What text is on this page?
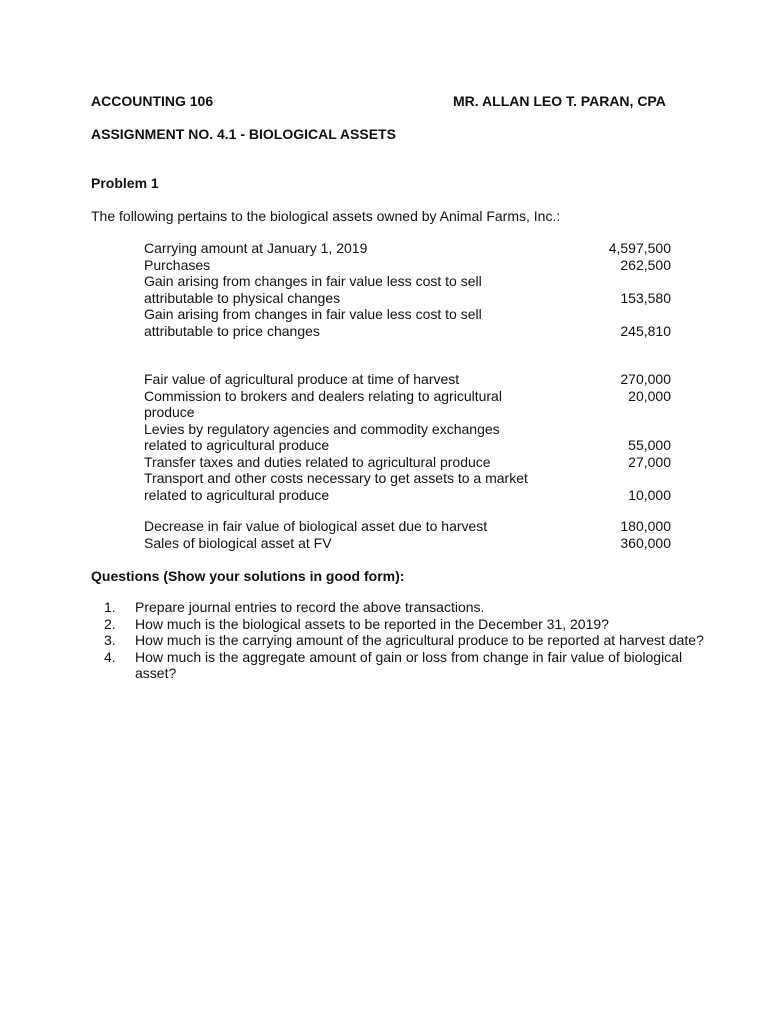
ACCOUNTING 106	MR. ALLAN LEO T. PARAN, CPA
ASSIGNMENT NO. 4.1 - BIOLOGICAL ASSETS
Problem 1
The following pertains to the biological assets owned by Animal Farms, Inc.:
Carrying amount at January 1, 2019	4,597,500
Purchases	262,500
Gain arising from changes in fair value less cost to sell
attributable to physical changes	153,580
Gain arising from changes in fair value less cost to sell
attributable to price changes	245,810
Fair value of agricultural produce at time of harvest	270,000
Commission to brokers and dealers relating to agricultural	20,000
produce
Levies by regulatory agencies and commodity exchanges
related to agricultural produce	55,000
Transfer taxes and duties related to agricultural produce	27,000
Transport and other costs necessary to get assets to a market
related to agricultural produce	10,000
Decrease in fair value of biological asset due to harvest	180,000
Sales of biological asset at FV	360,000
Questions (Show your solutions in good form):
1. Prepare journal entries to record the above transactions.
2. How much is the biological assets to be reported in the December 31, 2019?
3. How much is the carrying amount of the agricultural produce to be reported at harvest date?
4. How much is the aggregate amount of gain or loss from change in fair value of biological asset?
